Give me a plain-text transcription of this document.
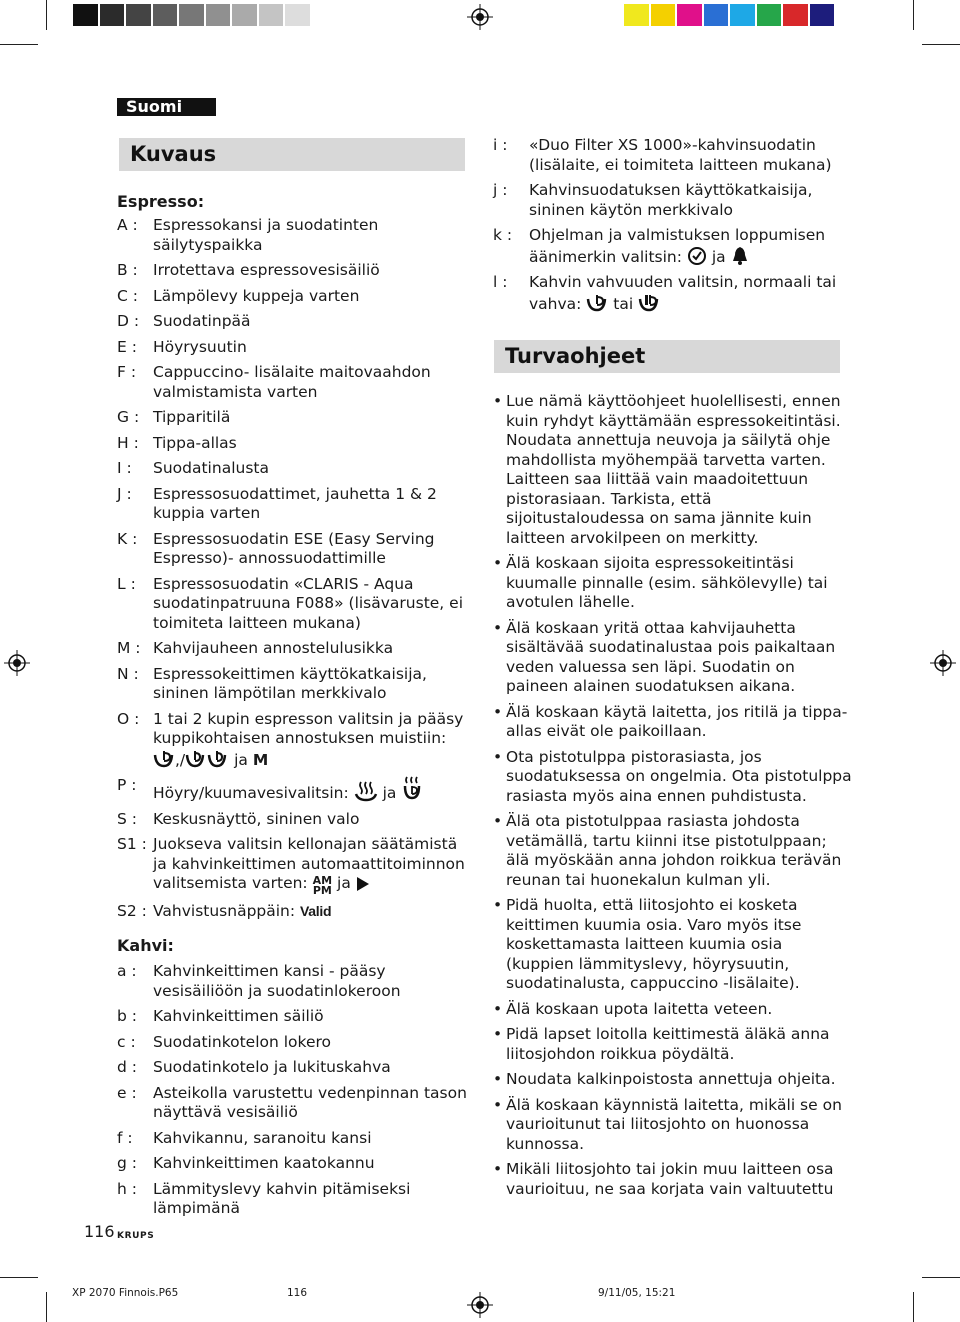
Suomi
Kuvaus
Espresso:
A : Espressokansi ja suodatinten säilytyspaikka
B : Irrotettava espressovesisäiliö
C : Lämpölevy kuppeja varten
D : Suodatinpää
E :	Höyrysuutin
F :	Cappuccino- lisälaite maitovaahdon valmistamista varten
G : Tipparitilä
H : Tippa-allas
I :	Suodatinalusta
J :	Espressosuodattimet, jauhetta 1 & 2 kuppia varten
K :	Espressosuodatin ESE (Easy Serving Espresso)- annossuodattimille
L :	Espressosuodatin «CLARIS - Aqua suodatinpatruuna F088» (lisävaruste, ei toimiteta laitteen mukana)
M : Kahvijauheen annostelulusikka
N : Espressokeittimen käyttökatkaisija, sininen lämpötilan merkkivalo
O : 1 tai 2 kupin espresson valitsin ja pääsy kuppikohtaisen annostuksen muistiin: ,/	ja M
P :	Höyry/kuumavesivalitsin: ja
S :	Keskusnäyttö, sininen valo
S1 : Juokseva valitsin kellonajan säätämistä ja kahvinkeittimen automaattitoiminnon valitsemista varten: AM
PM ja
S2 : Vahvistusnäppäin: Valid
Kahvi:
a :	Kahvinkeittimen kansi - pääsy vesisäiliöön ja suodatinlokeroon
b :	Kahvinkeittimen säiliö
c :	Suodatinkotelon lokero
d :	Suodatinkotelo ja lukituskahva
e :	Asteikolla varustettu vedenpinnan tason näyttävä vesisäiliö
f :	Kahvikannu, saranoitu kansi
g :	Kahvinkeittimen kaatokannu
h :	Lämmityslevy kahvin pitämiseksi lämpimänä
116 KRUPS
i :	«Duo Filter XS 1000»-kahvinsuodatin (lisälaite, ei toimiteta laitteen mukana)
j :	Kahvinsuodatuksen käyttökatkaisija, sininen käytön merkkivalo
k :	Ohjelman ja valmistuksen loppumisen äänimerkin valitsin: ja
l :	Kahvin vahvuuden valitsin, normaali tai vahva: tai
Turvaohjeet
• Lue nämä käyttöohjeet huolellisesti, ennen kuin ryhdyt käyttämään espressokeitintäsi. Noudata annettuja neuvoja ja säilytä ohje mahdollista myöhempää tarvetta varten. Laitteen saa liittää vain maadoitettuun pistorasiaan. Tarkista, että sijoitustaloudessa on sama jännite kuin laitteen arvokilpeen on merkitty.
• Älä koskaan sijoita espressokeitintäsi kuumalle pinnalle (esim. sähkölevylle) tai avotulen lähelle.
• Älä koskaan yritä ottaa kahvijauhetta sisältävää suodatinalustaa pois paikaltaan veden valuessa sen läpi. Suodatin on paineen alainen suodatuksen aikana.
• Älä koskaan käytä laitetta, jos ritilä ja tippa-allas eivät ole paikoillaan.
• Ota pistotulppa pistorasiasta, jos suodatuksessa on ongelmia. Ota pistotulppa rasiasta myös aina ennen puhdistusta.
• Älä ota pistotulppaa rasiasta johdosta vetämällä, tartu kiinni itse pistotulppaan; älä myöskään anna johdon roikkua terävän reunan tai huonekalun kulman yli.
• Pidä huolta, että liitosjohto ei kosketa keittimen kuumia osia. Varo myös itse koskettamasta laitteen kuumia osia (kuppien lämmityslevy, höyrysuutin, suodatinalusta, cappuccino -lisälaite).
• Älä koskaan upota laitetta veteen.
• Pidä lapset loitolla keittimestä äläkä anna liitosjohdon roikkua pöydältä.
• Noudata kalkinpoistosta annettuja ohjeita.
• Älä koskaan käynnistä laitetta, mikäli se on vaurioitunut tai liitosjohto on huonossa kunnossa.
• Mikäli liitosjohto tai jokin muu laitteen osa vaurioituu, ne saa korjata vain valtuutettu
XP 2070 Finnois.P65	116	9/11/05, 15:21
